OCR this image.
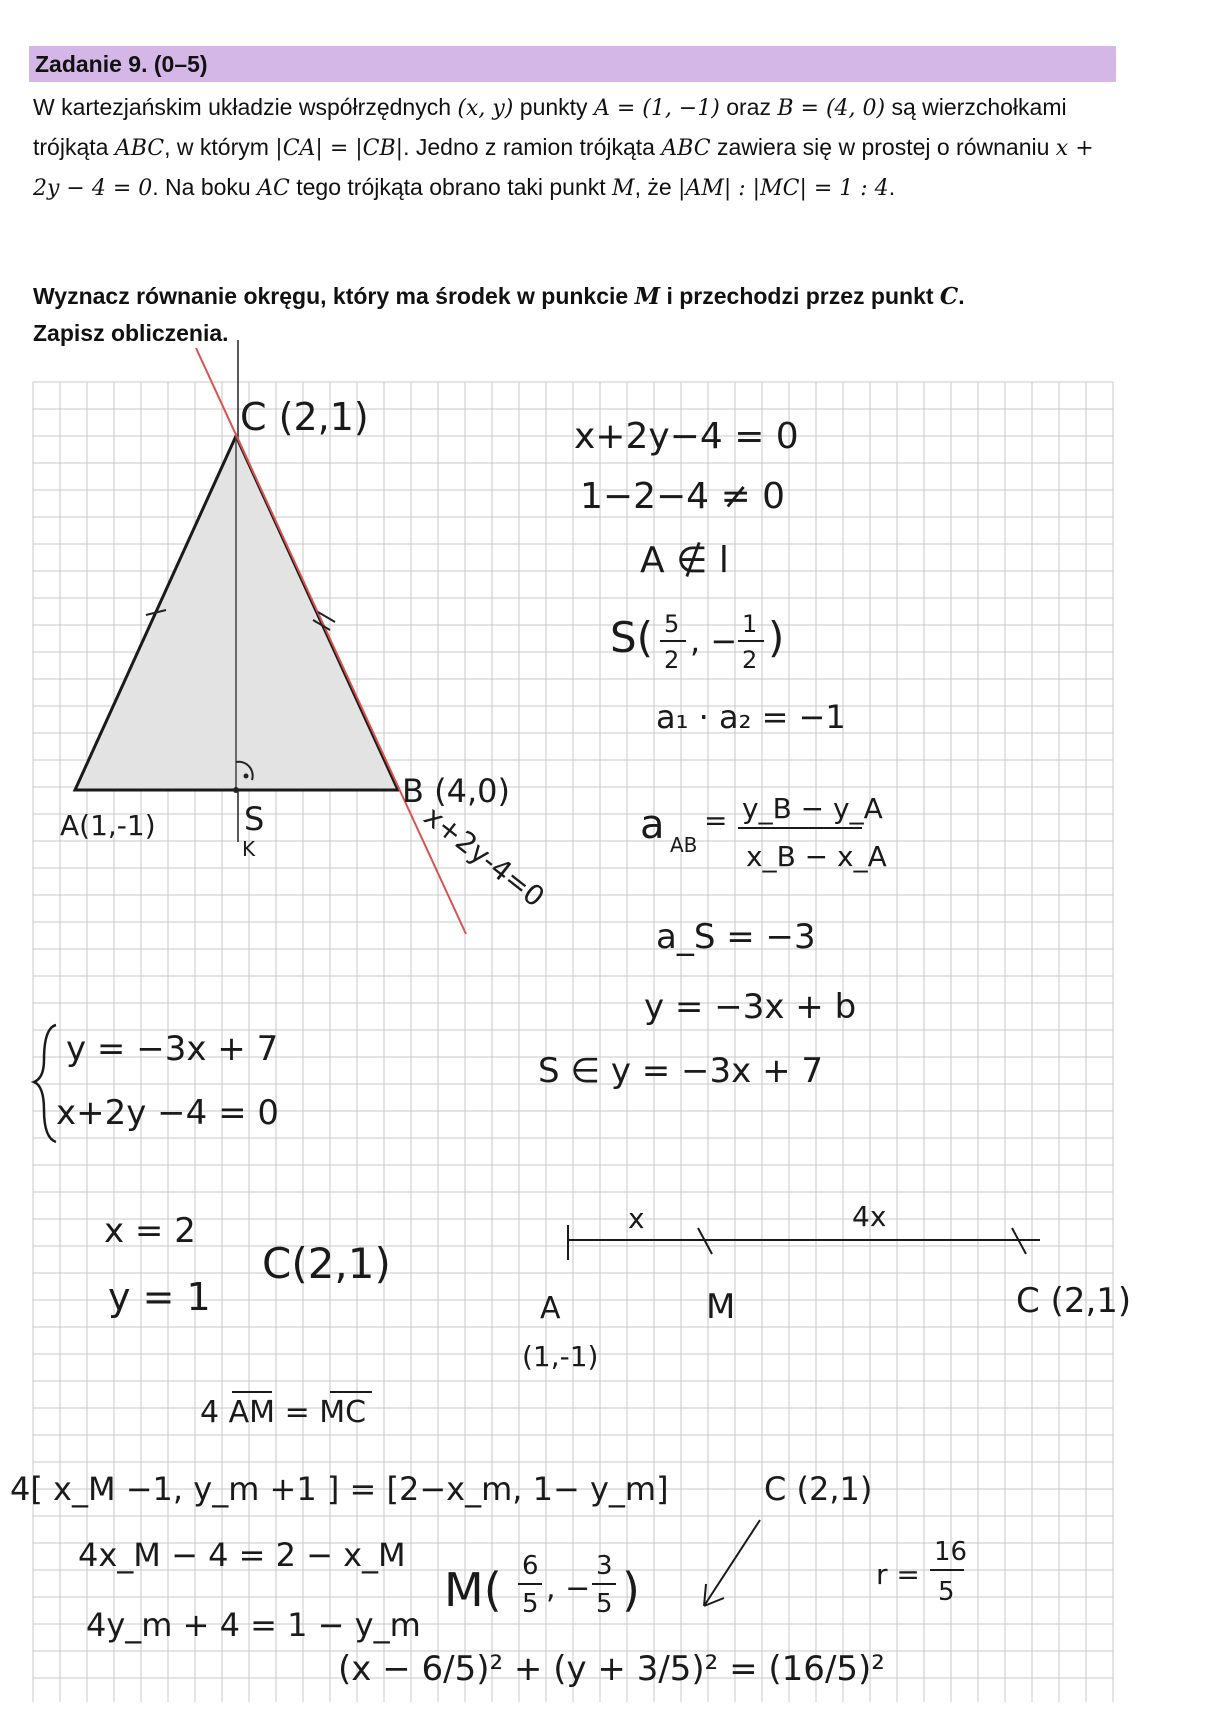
Zadanie 9. (0–5)
W kartezjańskim układzie współrzędnych (x, y) punkty A = (1, −1) oraz B = (4, 0) są wierzchołkami trójkąta ABC, w którym |CA| = |CB|. Jedno z ramion trójkąta ABC zawiera się w prostej o równaniu x + 2y − 4 = 0. Na boku AC tego trójkąta obrano taki punkt M, że |AM| : |MC| = 1 : 4.
Wyznacz równanie okręgu, który ma środek w punkcie M i przechodzi przez punkt C.
Zapisz obliczenia.
C (2,1)
A(1,-1)
B (4,0)
S
K	x+2y-4=0
x+2y−4 = 0
1−2−4 ≠ 0
A ∉ l
S( 5
2 , − 1
2 )
a₁ · a₂ = −1
a AB
= y_B − y_A
x_B − x_A
a_S = −3
y = −3x + b
S ∈ y = −3x + 7
y = −3x + 7
x+2y −4 = 0
x = 2
y = 1
C(2,1)
x	4x
A
(1,-1)
M	C (2,1)
4 AM = MC
4[ x_M −1, y_m +1 ] = [2−x_m, 1− y_m]
4x_M − 4 = 2 − x_M
4y_m + 4 = 1 − y_m
M( 6
5 , −
3
5 )
C (2,1)
r =
16
5
(x − 6/5)² + (y + 3/5)² = (16/5)²
